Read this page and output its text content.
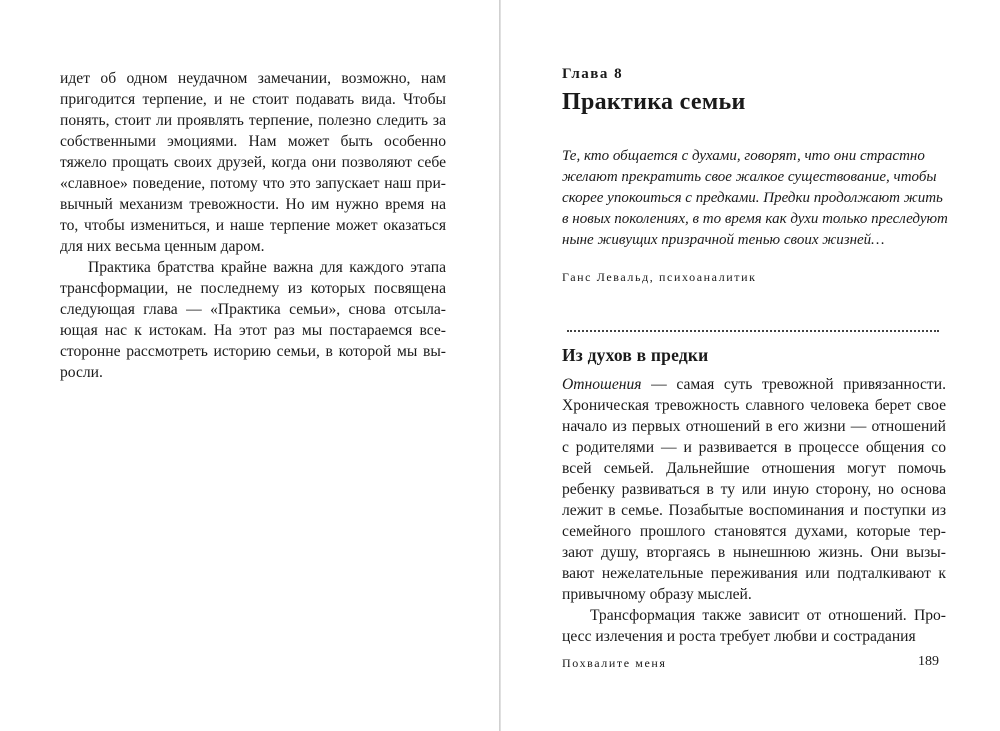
идет об одном неудачном замечании, возможно, нам пригодится терпение, и не стоит подавать вида. Чтобы понять, стоит ли проявлять терпение, полезно следить за собственными эмоциями. Нам может быть особенно тяжело прощать своих друзей, когда они позволяют себе «славное» поведение, потому что это запускает наш привычный механизм тревожности. Но им нужно время на то, чтобы измениться, и наше терпение может оказаться для них весьма ценным даром.

Практика братства крайне важна для каждого этапа трансформации, не последнему из которых посвящена следующая глава — «Практика семьи», снова отсылающая нас к истокам. На этот раз мы постараемся всесторонне рассмотреть историю семьи, в которой мы выросли.

Глава 8
Практика семьи
Те, кто общается с духами, говорят, что они страстно желают прекратить свое жалкое существование, чтобы скорее упокоиться с предками. Предки продолжают жить в новых поколениях, в то время как духи только преследуют ныне живущих призрачной тенью своих жизней…
Ганс Левальд, психоаналитик
Из духов в предки

Отношения — самая суть тревожной привязанности. Хроническая тревожность славного человека берет свое начало из первых отношений в его жизни — отношений с родителями — и развивается в процессе общения со всей семьей. Дальнейшие отношения могут помочь ребенку развиваться в ту или иную сторону, но основа лежит в семье. Позабытые воспоминания и поступки из семейного прошлого становятся духами, которые терзают душу, вторгаясь в нынешнюю жизнь. Они вызывают нежелательные переживания или подталкивают к привычному образу мыслей.

Трансформация также зависит от отношений. Процесс излечения и роста требует любви и сострадания

Похвалите меня	189
